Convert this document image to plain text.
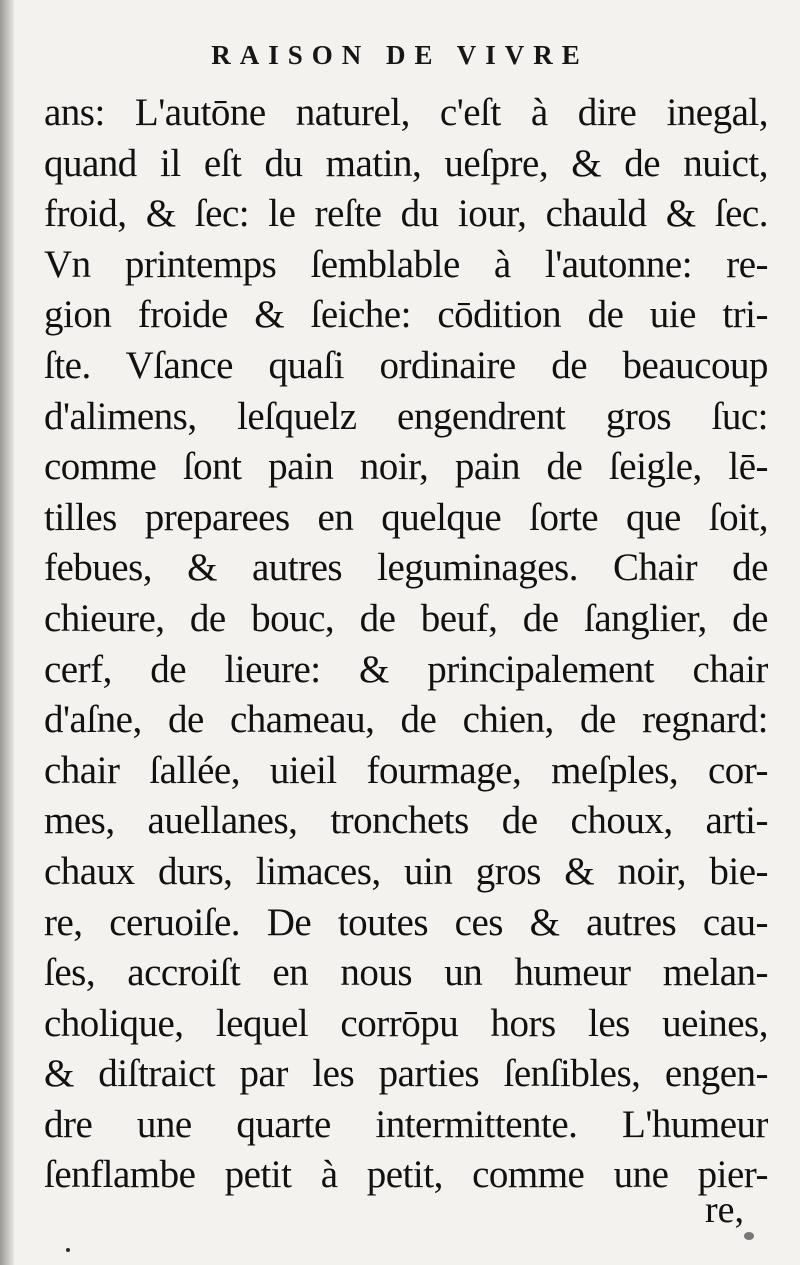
RAISON DE VIVRE
ans: L'autōne naturel, c'eſt à dire inegal,
quand il eſt du matin, ueſpre, & de nuict,
froid, & ſec: le reſte du iour, chauld & ſec.
Vn printemps ſemblable à l'autonne: re-
gion froide & ſeiche: cōdition de uie tri-
ſte. Vſance quaſi ordinaire de beaucoup
d'alimens, leſquelz engendrent gros ſuc:
comme ſont pain noir, pain de ſeigle, lē-
tilles preparees en quelque ſorte que ſoit,
febues, & autres leguminages. Chair de
chieure, de bouc, de beuf, de ſanglier, de
cerf, de lieure: & principalement chair
d'aſne, de chameau, de chien, de regnard:
chair ſallée, uieil fourmage, meſples, cor-
mes, auellanes, tronchets de choux, arti-
chaux durs, limaces, uin gros & noir, bie-
re, ceruoiſe. De toutes ces & autres cau-
ſes, accroiſt en nous un humeur melan-
cholique, lequel corrōpu hors les ueines,
& diſtraict par les parties ſenſibles, engen-
dre une quarte intermittente. L'humeur
ſenflambe petit à petit, comme une pier-
re,
